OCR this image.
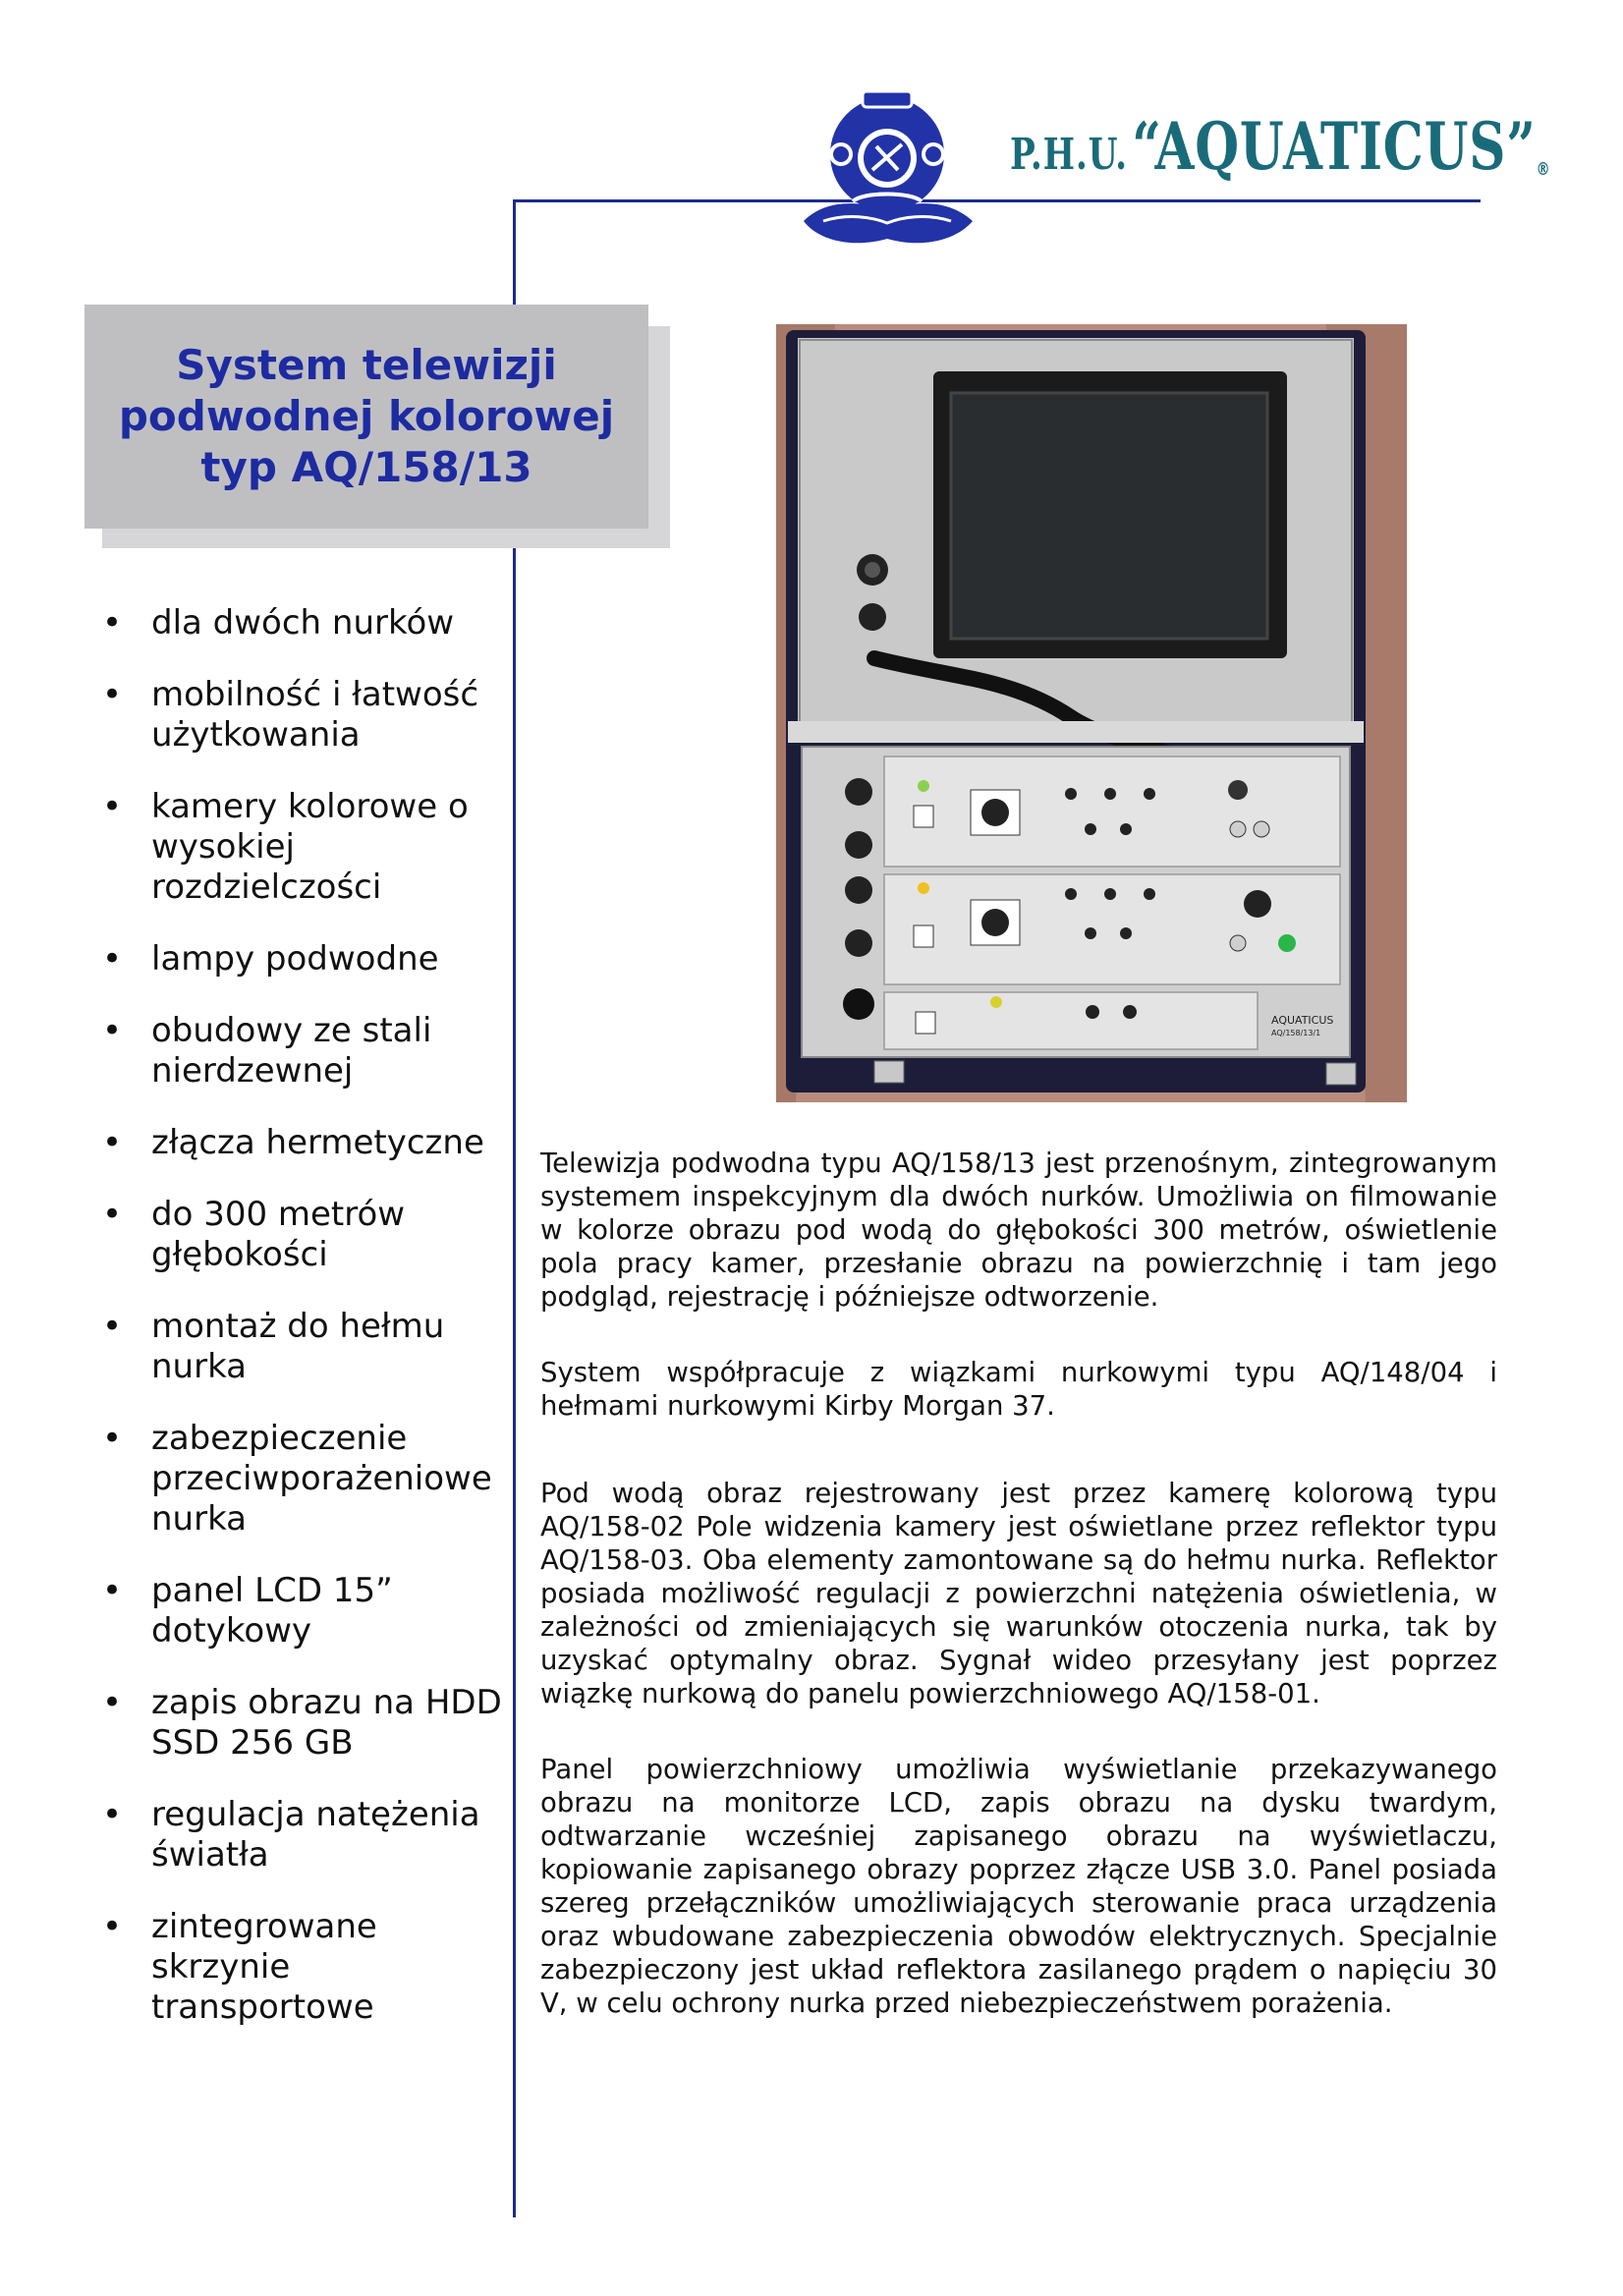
P.H.U. “AQUATICUS”®
System telewizji
podwodnej kolorowej
typ AQ/158/13
• dla dwóch nurków
• mobilność i łatwość użytkowania
• kamery kolorowe o wysokiej rozdzielczości
• lampy podwodne
• obudowy ze stali nierdzewnej
• złącza hermetyczne
• do 300 metrów głębokości
• montaż do hełmu nurka
• zabezpieczenie przeciwporażeniowe nurka
• panel LCD 15” dotykowy
• zapis obrazu na HDD SSD 256 GB
• regulacja natężenia światła
• zintegrowane skrzynie transportowe
AQUATICUS
AQ/158/13/1

Telewizja podwodna typu AQ/158/13 jest przenośnym, zintegrowanym systemem inspekcyjnym dla dwóch nurków. Umożliwia on filmowanie w kolorze obrazu pod wodą do głębokości 300 metrów, oświetlenie pola pracy kamer, przesłanie obrazu na powierzchnię i tam jego podgląd, rejestrację i późniejsze odtworzenie.

System współpracuje z wiązkami nurkowymi typu AQ/148/04 i hełmami nurkowymi Kirby Morgan 37.

Pod wodą obraz rejestrowany jest przez kamerę kolorową typu AQ/158-02 Pole widzenia kamery jest oświetlane przez reflektor typu AQ/158-03. Oba elementy zamontowane są do hełmu nurka. Reflektor posiada możliwość regulacji z powierzchni natężenia oświetlenia, w zależności od zmieniających się warunków otoczenia nurka, tak by uzyskać optymalny obraz. Sygnał wideo przesyłany jest poprzez wiązkę nurkową do panelu powierzchniowego AQ/158-01.

Panel powierzchniowy umożliwia wyświetlanie przekazywanego obrazu na monitorze LCD, zapis obrazu na dysku twardym, odtwarzanie wcześniej zapisanego obrazu na wyświetlaczu, kopiowanie zapisanego obrazy poprzez złącze USB 3.0. Panel posiada szereg przełączników umożliwiających sterowanie praca urządzenia oraz wbudowane zabezpieczenia obwodów elektrycznych. Specjalnie zabezpieczony jest układ reflektora zasilanego prądem o napięciu 30 V, w celu ochrony nurka przed niebezpieczeństwem porażenia.
